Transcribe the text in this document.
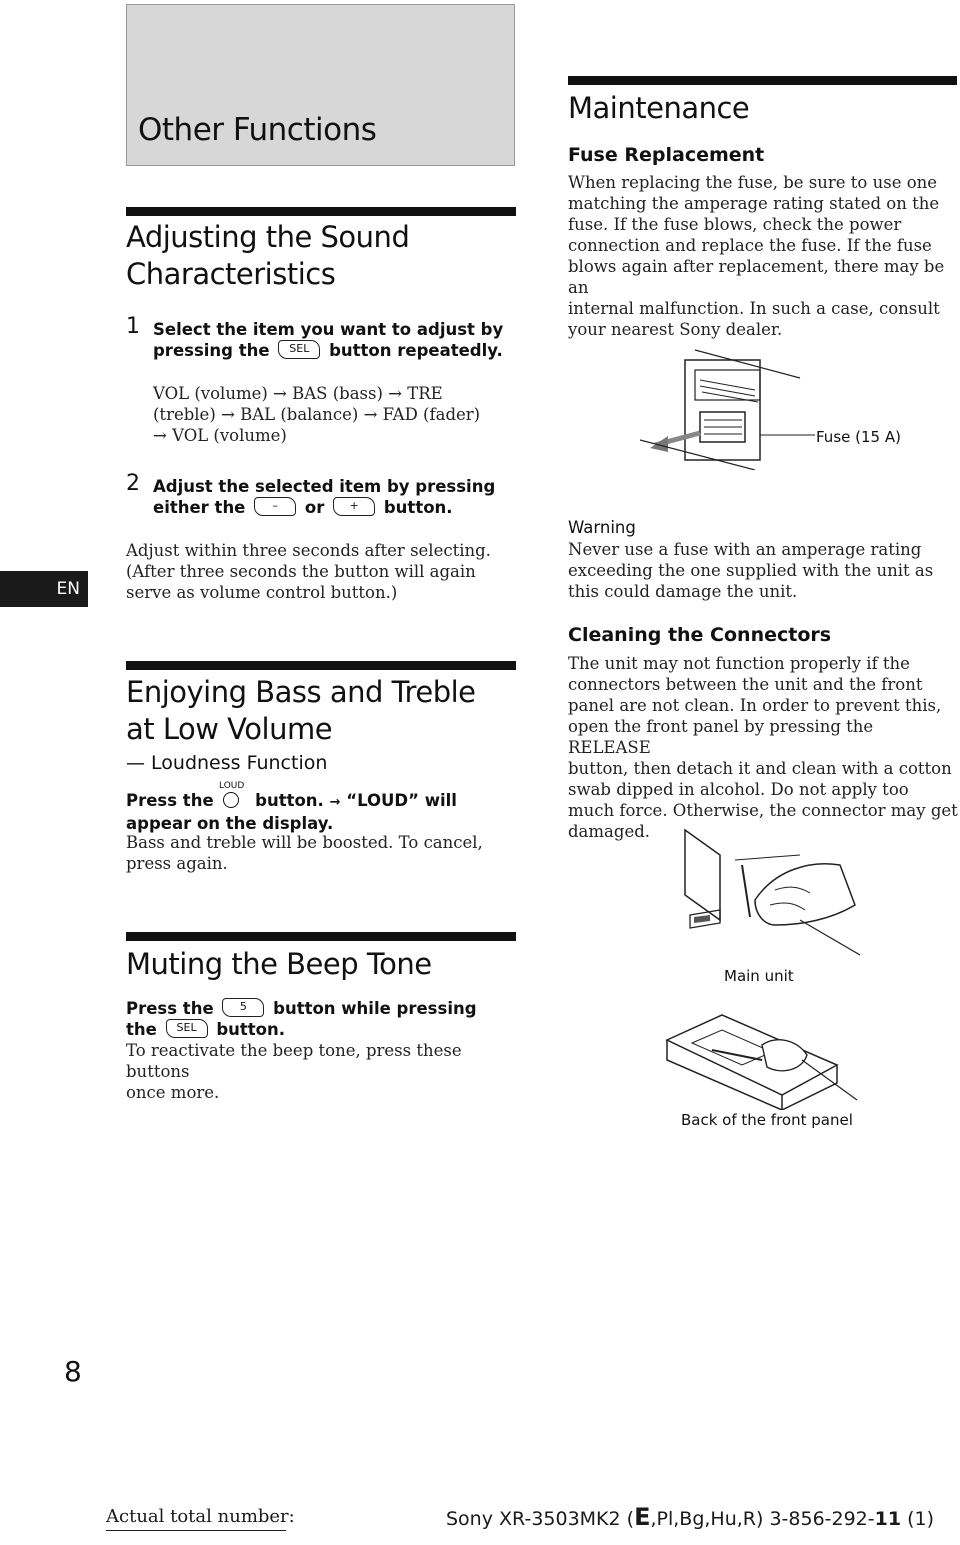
Other Functions
Adjusting the Sound
Characteristics
1 Select the item you want to adjust by
pressing the SEL button repeatedly.
VOL (volume) → BAS (bass) → TRE
(treble) → BAL (balance) → FAD (fader)
→ VOL (volume)
2 Adjust the selected item by pressing
either the – or + button.
Adjust within three seconds after selecting.
(After three seconds the button will again
serve as volume control button.)
EN
Enjoying Bass and Treble
at Low Volume
— Loudness Function
LOUD
Press the	button. → “LOUD” will
appear on the display.
Bass and treble will be boosted. To cancel,
press again.
Muting the Beep Tone
Press the 5 button while pressing
the SEL button.
To reactivate the beep tone, press these buttons
once more.
Maintenance
Fuse Replacement
When replacing the fuse, be sure to use one
matching the amperage rating stated on the
fuse. If the fuse blows, check the power
connection and replace the fuse. If the fuse
blows again after replacement, there may be an
internal malfunction. In such a case, consult
your nearest Sony dealer.
Fuse (15 A)
Warning
Never use a fuse with an amperage rating
exceeding the one supplied with the unit as
this could damage the unit.
Cleaning the Connectors
The unit may not function properly if the
connectors between the unit and the front
panel are not clean. In order to prevent this,
open the front panel by pressing the RELEASE
button, then detach it and clean with a cotton
swab dipped in alcohol. Do not apply too
much force. Otherwise, the connector may get
damaged.
Main unit
Back of the front panel
8
Actual total number:	Sony XR-3503MK2 (E,Pl,Bg,Hu,R) 3-856-292-11 (1)
